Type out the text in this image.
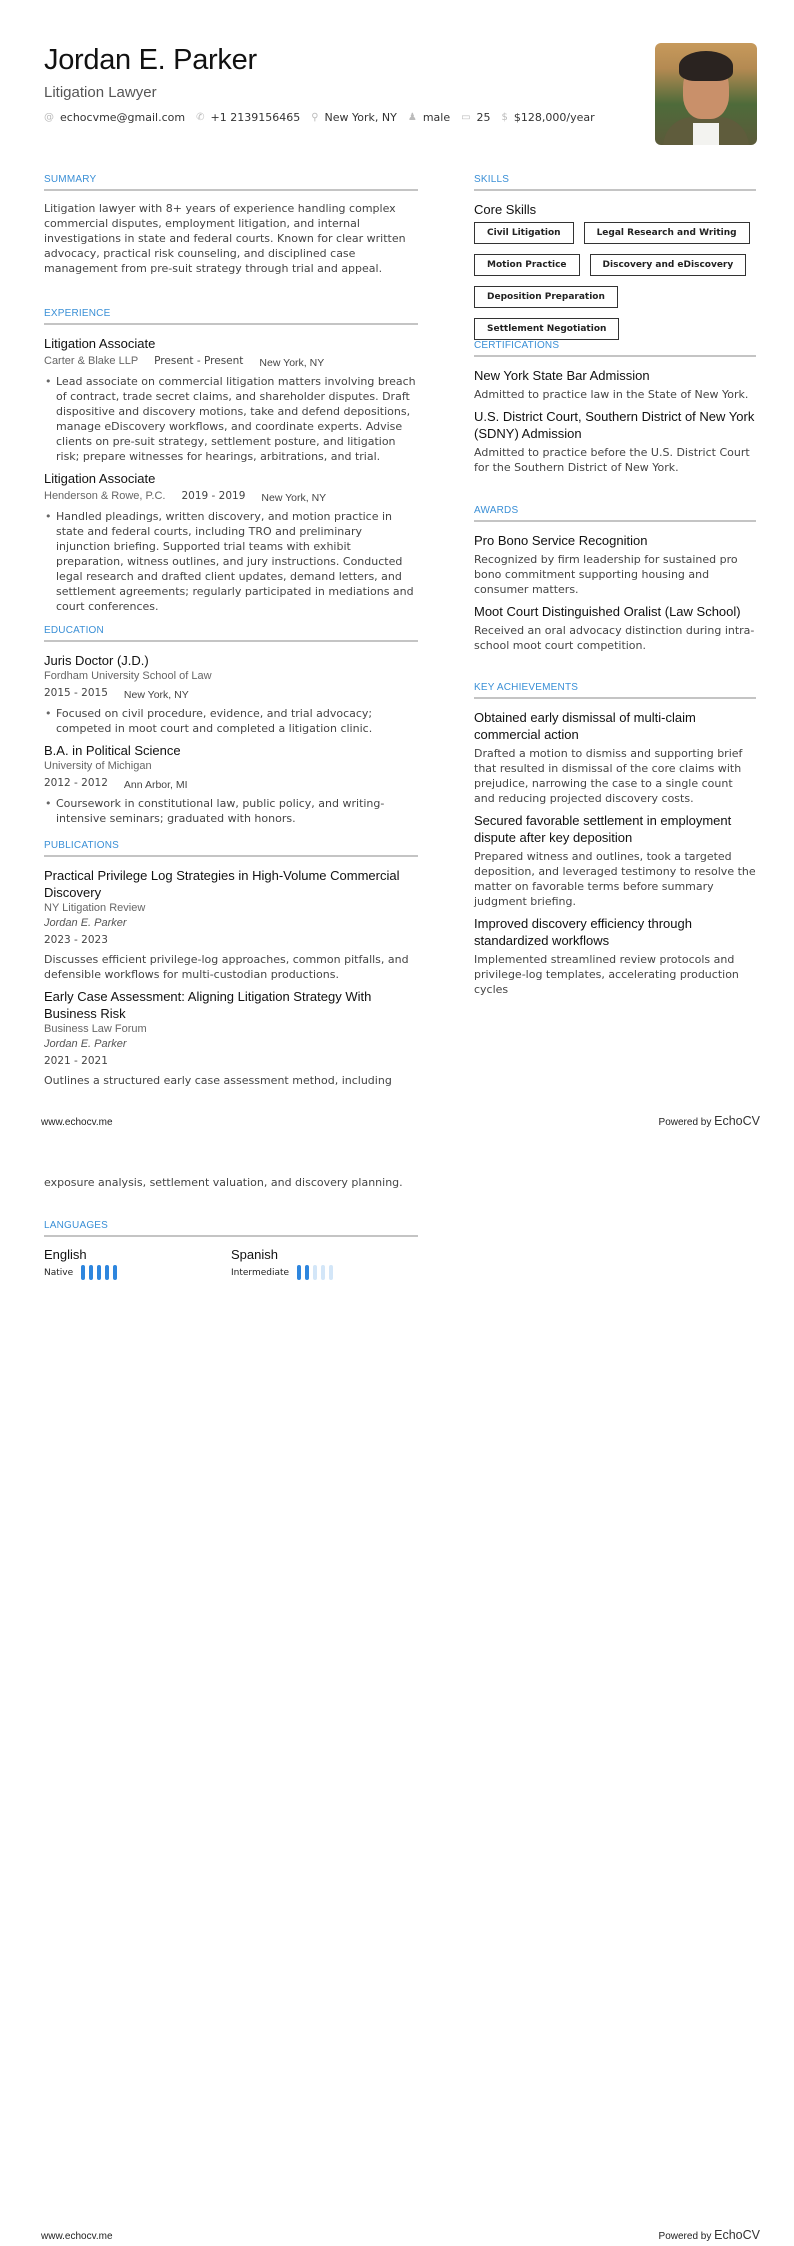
Jordan E. Parker
Litigation Lawyer
@ echocvme@gmail.com ✆ +1 2139156465 ⚲ New York, NY ♟ male ▭ 25 $ $128,000/year
SUMMARY
Litigation lawyer with 8+ years of experience handling complex commercial disputes, employment litigation, and internal investigations in state and federal courts. Known for clear written advocacy, practical risk counseling, and disciplined case management from pre-suit strategy through trial and appeal.
EXPERIENCE
Litigation Associate
Carter & Blake LLP Present - Present New York, NY
• Lead associate on commercial litigation matters involving breach of contract, trade secret claims, and shareholder disputes. Draft dispositive and discovery motions, take and defend depositions, manage eDiscovery workflows, and coordinate experts. Advise clients on pre-suit strategy, settlement posture, and litigation risk; prepare witnesses for hearings, arbitrations, and trial.
Litigation Associate
Henderson & Rowe, P.C. 2019 - 2019 New York, NY
• Handled pleadings, written discovery, and motion practice in state and federal courts, including TRO and preliminary injunction briefing. Supported trial teams with exhibit preparation, witness outlines, and jury instructions. Conducted legal research and drafted client updates, demand letters, and settlement agreements; regularly participated in mediations and court conferences.
EDUCATION
Juris Doctor (J.D.)
Fordham University School of Law
2015 - 2015 New York, NY
• Focused on civil procedure, evidence, and trial advocacy; competed in moot court and completed a litigation clinic.
B.A. in Political Science
University of Michigan
2012 - 2012 Ann Arbor, MI
• Coursework in constitutional law, public policy, and writing-intensive seminars; graduated with honors.
PUBLICATIONS
Practical Privilege Log Strategies in High-Volume Commercial Discovery
NY Litigation Review
Jordan E. Parker
2023 - 2023
Discusses efficient privilege-log approaches, common pitfalls, and defensible workflows for multi-custodian productions.
Early Case Assessment: Aligning Litigation Strategy With Business Risk
Business Law Forum
Jordan E. Parker
2021 - 2021
Outlines a structured early case assessment method, including
SKILLS
Core Skills
Civil Litigation	Legal Research and Writing
Motion Practice	Discovery and eDiscovery
Deposition Preparation
Settlement Negotiation
CERTIFICATIONS
New York State Bar Admission
Admitted to practice law in the State of New York.
U.S. District Court, Southern District of New York (SDNY) Admission
Admitted to practice before the U.S. District Court for the Southern District of New York.
AWARDS
Pro Bono Service Recognition
Recognized by firm leadership for sustained pro bono commitment supporting housing and consumer matters.
Moot Court Distinguished Oralist (Law School)
Received an oral advocacy distinction during intra-school moot court competition.
KEY ACHIEVEMENTS
Obtained early dismissal of multi-claim commercial action
Drafted a motion to dismiss and supporting brief that resulted in dismissal of the core claims with prejudice, narrowing the case to a single count and reducing projected discovery costs.
Secured favorable settlement in employment dispute after key deposition
Prepared witness and outlines, took a targeted deposition, and leveraged testimony to resolve the matter on favorable terms before summary judgment briefing.
Improved discovery efficiency through standardized workflows
Implemented streamlined review protocols and privilege-log templates, accelerating production cycles
www.echocv.me	Powered by EchoCV
exposure analysis, settlement valuation, and discovery planning.
LANGUAGES
English
Native
Spanish
Intermediate
www.echocv.me	Powered by EchoCV
